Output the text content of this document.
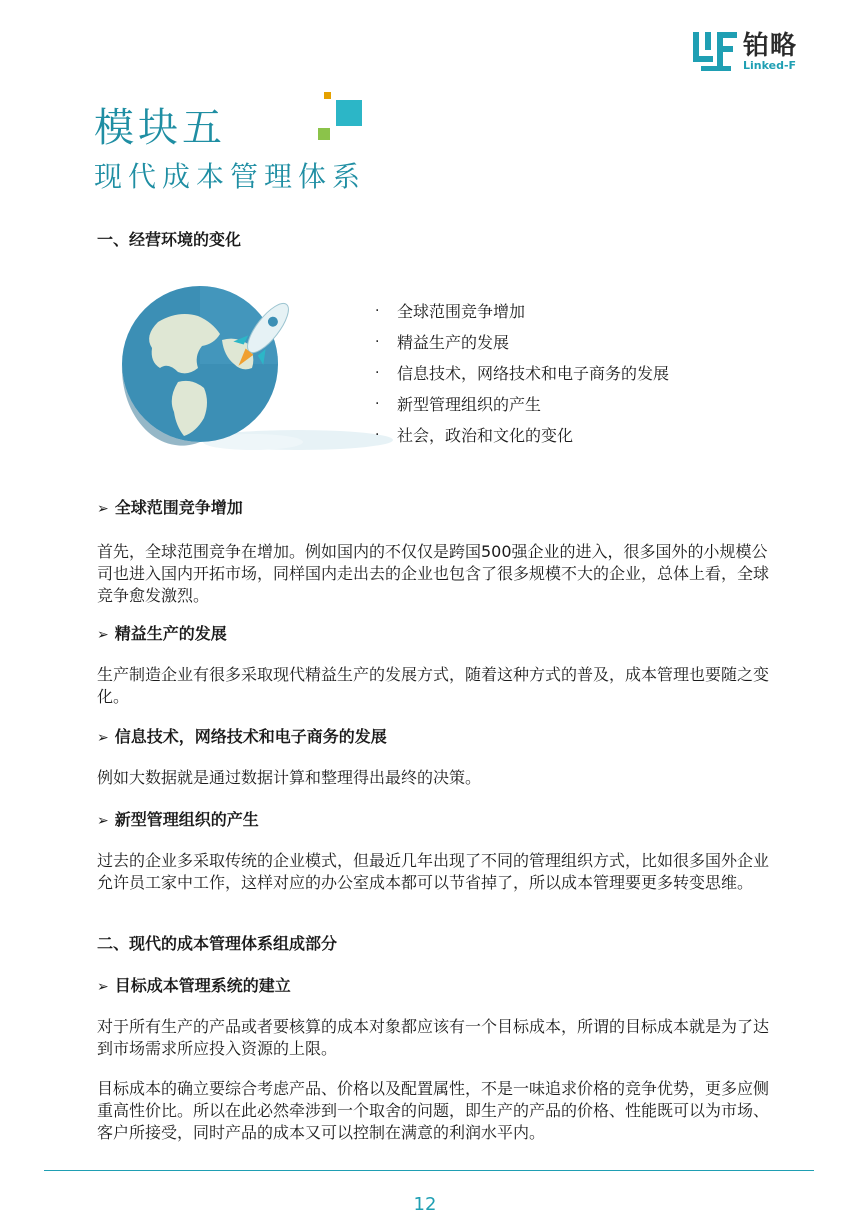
铂略
Linked-F
模块五
现代成本管理体系
一、经营环境的变化
·	全球范围竞争增加
·	精益生产的发展
·	信息技术，网络技术和电子商务的发展
·	新型管理组织的产生
·	社会，政治和文化的变化
➢ 全球范围竞争增加
首先，全球范围竞争在增加。例如国内的不仅仅是跨国500强企业的进入，很多国外的小规模公司也进入国内开拓市场，同样国内走出去的企业也包含了很多规模不大的企业，总体上看，全球竞争愈发激烈。
➢ 精益生产的发展
生产制造企业有很多采取现代精益生产的发展方式，随着这种方式的普及，成本管理也要随之变化。
➢ 信息技术，网络技术和电子商务的发展
例如大数据就是通过数据计算和整理得出最终的决策。
➢ 新型管理组织的产生
过去的企业多采取传统的企业模式，但最近几年出现了不同的管理组织方式，比如很多国外企业允许员工家中工作，这样对应的办公室成本都可以节省掉了，所以成本管理要更多转变思维。
二、现代的成本管理体系组成部分
➢ 目标成本管理系统的建立
对于所有生产的产品或者要核算的成本对象都应该有一个目标成本，所谓的目标成本就是为了达到市场需求所应投入资源的上限。
目标成本的确立要综合考虑产品、价格以及配置属性，不是一味追求价格的竞争优势，更多应侧重高性价比。所以在此必然牵涉到一个取舍的问题，即生产的产品的价格、性能既可以为市场、客户所接受，同时产品的成本又可以控制在满意的利润水平内。
12
